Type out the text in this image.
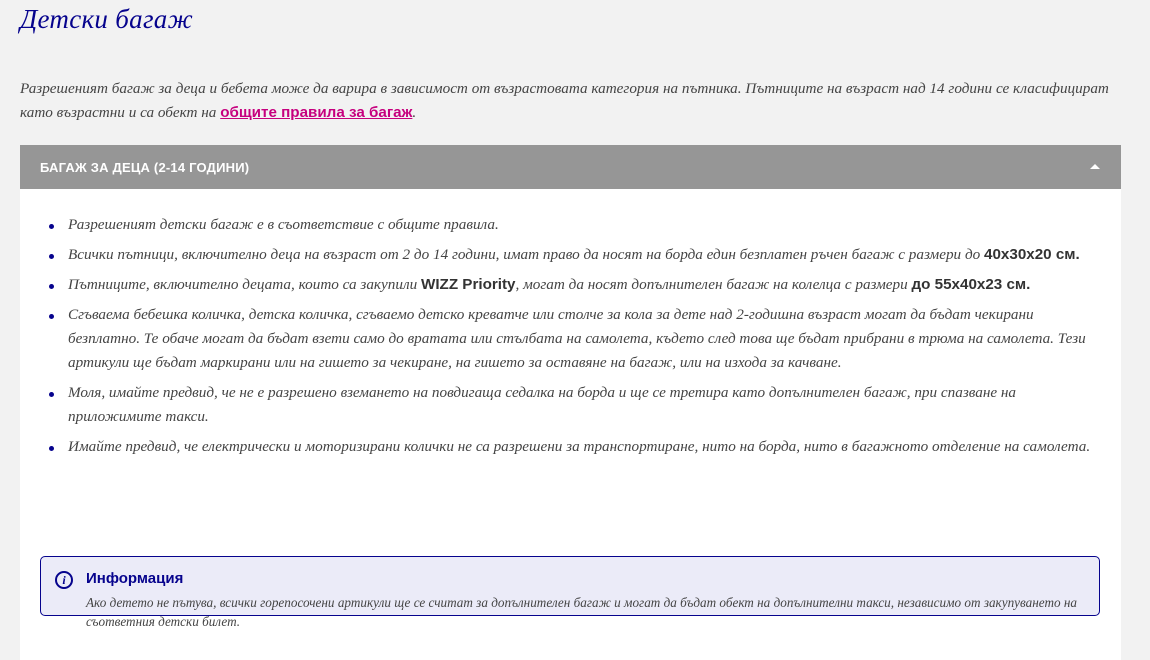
Детски багаж

Разрешеният багаж за деца и бебета може да варира в зависимост от възрастовата категория на пътника. Пътниците на възраст над 14 години се класифицират като възрастни и са обект на общите правила за багаж.

БАГАЖ ЗА ДЕЦА (2-14 ГОДИНИ)
Разрешеният детски багаж е в съответствие с общите правила.
Всички пътници, включително деца на възраст от 2 до 14 години, имат право да носят на борда един безплатен ръчен багаж с размери до 40x30x20 см.
Пътниците, включително децата, които са закупили WIZZ Priority, могат да носят допълнителен багаж на колелца с размери до 55x40x23 см.
Сгъваема бебешка количка, детска количка, сгъваемо детско креватче или столче за кола за дете над 2-годишна възраст могат да бъдат чекирани безплатно. Те обаче могат да бъдат взети само до вратата или стълбата на самолета, където след това ще бъдат прибрани в трюма на самолета. Тези артикули ще бъдат маркирани или на гишето за чекиране, на гишето за оставяне на багаж, или на изхода за качване.
Моля, имайте предвид, че не е разрешено вземането на повдигаща седалка на борда и ще се третира като допълнителен багаж, при спазване на приложимите такси.
Имайте предвид, че електрически и моторизирани колички не са разрешени за транспортиране, нито на борда, нито в багажното отделение на самолета.
i	Информация

Ако детето не пътува, всички горепосочени артикули ще се считат за допълнителен багаж и могат да бъдат обект на допълнителни такси, независимо от закупуването на съответния детски билет.
